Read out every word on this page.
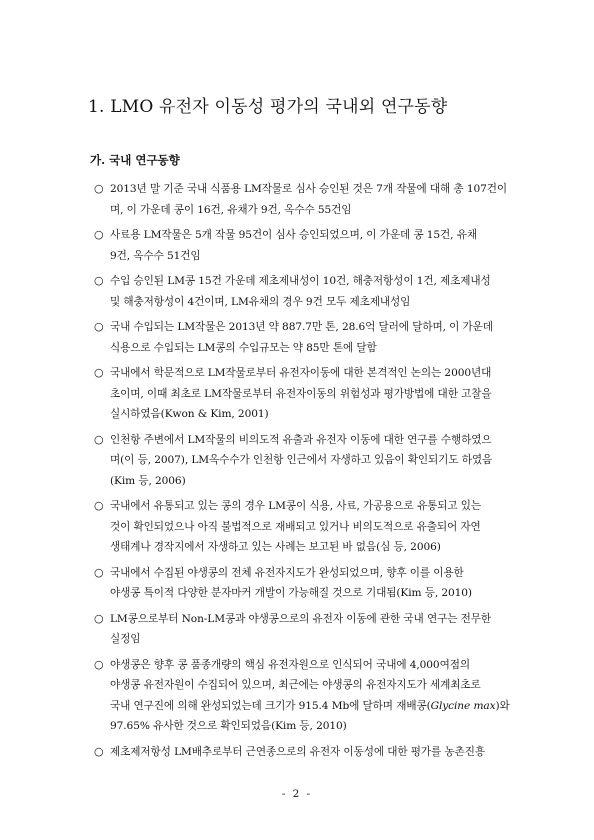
1. LMO 유전자 이동성 평가의 국내외 연구동향
가. 국내 연구동향
○ 2013년 말 기준 국내 식품용 LM작물로 심사 승인된 것은 7개 작물에 대해 총 107건이
며, 이 가운데 콩이 16건, 유채가 9건, 옥수수 55건임
○ 사료용 LM작물은 5개 작물 95건이 심사 승인되었으며, 이 가운데 콩 15건, 유채
9건, 옥수수 51건임
○ 수입 승인된 LM콩 15건 가운데 제초제내성이 10건, 해충저항성이 1건, 제초제내성
및 해충저항성이 4건이며, LM유채의 경우 9건 모두 제초제내성임
○ 국내 수입되는 LM작물은 2013년 약 887.7만 톤, 28.6억 달러에 달하며, 이 가운데
식용으로 수입되는 LM콩의 수입규모는 약 85만 톤에 달함
○ 국내에서 학문적으로 LM작물로부터 유전자이동에 대한 본격적인 논의는 2000년대
초이며, 이때 최초로 LM작물로부터 유전자이동의 위험성과 평가방법에 대한 고찰을
실시하였음(Kwon & Kim, 2001)
○ 인천항 주변에서 LM작물의 비의도적 유출과 유전자 이동에 대한 연구를 수행하였으
며(이 등, 2007), LM옥수수가 인천항 인근에서 자생하고 있음이 확인되기도 하였음
(Kim 등, 2006)
○ 국내에서 유통되고 있는 콩의 경우 LM콩이 식용, 사료, 가공용으로 유통되고 있는
것이 확인되었으나 아직 불법적으로 재배되고 있거나 비의도적으로 유출되어 자연
생태계나 경작지에서 자생하고 있는 사례는 보고된 바 없음(심 등, 2006)
○ 국내에서 수집된 야생콩의 전체 유전자지도가 완성되었으며, 향후 이를 이용한
야생콩 특이적 다양한 분자마커 개발이 가능해질 것으로 기대됨(Kim 등, 2010)
○ LM콩으로부터 Non-LM콩과 야생콩으로의 유전자 이동에 관한 국내 연구는 전무한
실정임
○ 야생콩은 향후 콩 품종개량의 핵심 유전자원으로 인식되어 국내에 4,000여점의
야생콩 유전자원이 수집되어 있으며, 최근에는 야생콩의 유전자지도가 세계최초로
국내 연구진에 의해 완성되었는데 크기가 915.4 Mb에 달하며 재배콩(Glycine max)와
97.65% 유사한 것으로 확인되었음(Kim 등, 2010)
○ 제초제저항성 LM배추로부터 근연종으로의 유전자 이동성에 대한 평가를 농촌진흥
- 2 -
